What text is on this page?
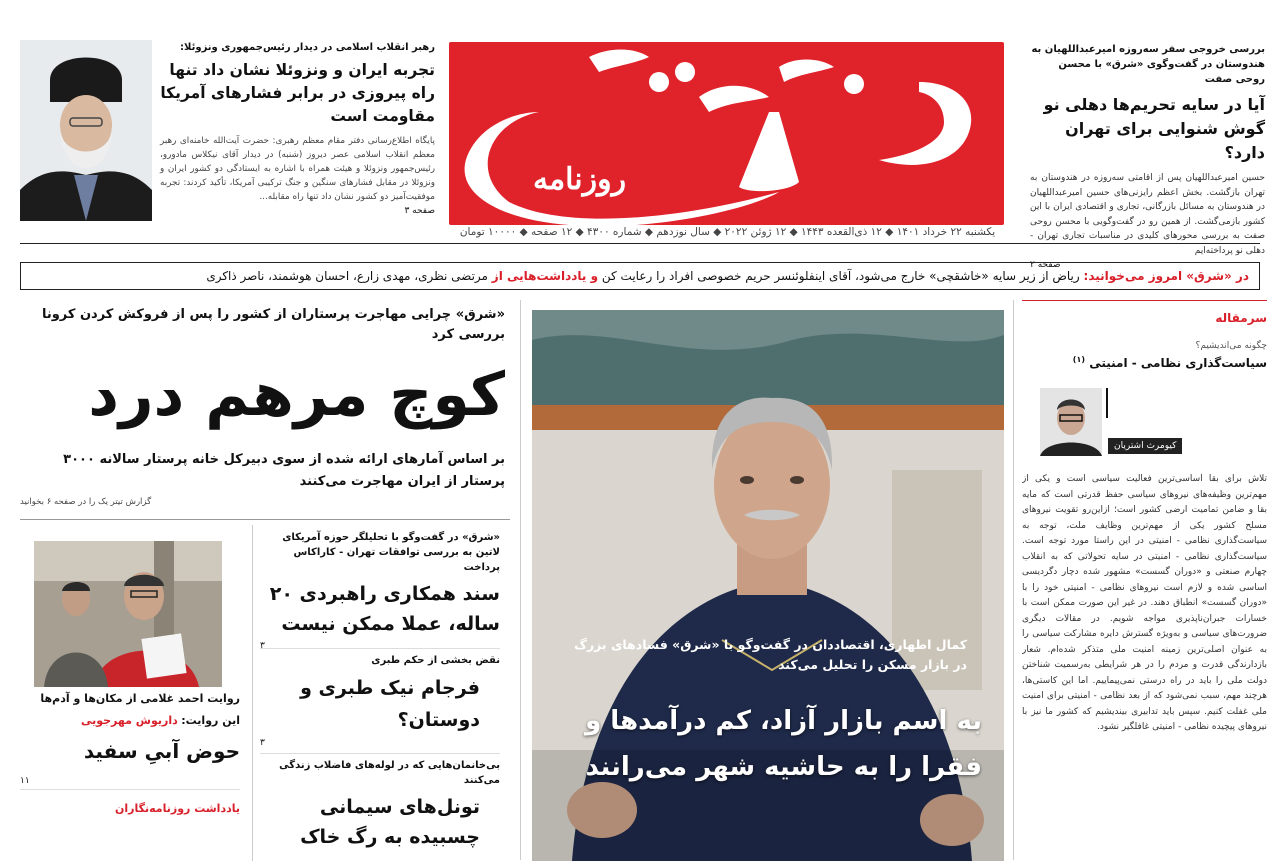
روزنامه
یکشنبه ۲۲ خرداد ۱۴۰۱ ◆ ۱۲ ذی‌القعده ۱۴۴۳ ◆ ۱۲ ژوئن ۲۰۲۲ ◆ سال نوزدهم ◆ شماره ۴۳۰۰ ◆ ۱۲ صفحه ◆ ۱۰۰۰۰ تومان
بررسی خروجی سفر سه‌روزه امیرعبداللهیان به هندوستان در گفت‌وگوی «شرق» با محسن روحی صفت
آیا در سایه تحریم‌ها دهلی نو گوش شنوایی برای تهران دارد؟
حسین امیرعبداللهیان پس از اقامتی سه‌روزه در هندوستان به تهران بازگشت. بخش اعظم رایزنی‌های حسین امیرعبداللهیان در هندوستان به مسائل بازرگانی، تجاری و اقتصادی ایران با این کشور بازمی‌گشت. از همین رو در گفت‌وگویی با محسن روحی صفت به بررسی محورهای کلیدی در مناسبات تجاری تهران - دهلی نو پرداخته‌ایم
صفحه ۲
رهبر انقلاب اسلامی در دیدار رئیس‌جمهوری ونزوئلا:
تجربه ایران و ونزوئلا نشان داد تنها راه پیروزی در برابر فشارهای آمریکا مقاومت است
پایگاه اطلاع‌رسانی دفتر مقام معظم رهبری: حضرت آیت‌الله خامنه‌ای رهبر معظم انقلاب اسلامی عصر دیروز (شنبه) در دیدار آقای نیکلاس مادورو، رئیس‌جمهور ونزوئلا و هیئت همراه با اشاره به ایستادگی دو کشور ایران و ونزوئلا در مقابل فشارهای سنگین و جنگ ترکیبی آمریکا، تأکید کردند: تجربه موفقیت‌آمیز دو کشور نشان داد تنها راه مقابله...
صفحه ۳
در «شرق» امروز می‌خوانید: ریاض از زیر سایه «خاشقچی» خارج می‌شود، آقای اینفلوئنسر حریم خصوصی افراد را رعایت کن و یادداشت‌هایی از مرتضی نظری، مهدی زارع، احسان هوشمند، ناصر ذاکری
سرمقاله
چگونه می‌اندیشیم؟
سیاست‌گذاری نظامی - امنیتی $^{(۱)}$
کیومرث اشتریان
تلاش برای بقا اساسی‌ترین فعالیت سیاسی است و یکی از مهم‌ترین وظیفه‌های نیروهای سیاسی حفظ قدرتی است که مایه بقا و ضامن تمامیت ارضی کشور است؛ ازاین‌رو تقویت نیروهای مسلح کشور یکی از مهم‌ترین وظایف ملت، توجه به سیاست‌گذاری نظامی - امنیتی در این راستا مورد توجه است. سیاست‌گذاری نظامی - امنیتی در سایه تحولاتی که به انقلاب چهارم صنعتی و «دوران گسست» مشهور شده دچار دگردیسی اساسی شده و لازم است نیروهای نظامی - امنیتی خود را با «دوران گسست» انطباق دهند. در غیر این صورت ممکن است با خسارات جبران‌ناپذیری مواجه شویم. در مقالات دیگری ضرورت‌های سیاسی و به‌ویژه گسترش دایره مشارکت سیاسی را به عنوان اصلی‌ترین زمینه امنیت ملی متذکر شده‌ام. شعار بازدارندگی قدرت و مردم را در هر شرایطی به‌رسمیت شناختن دولت ملی را باید در راه درستی نمی‌پیماییم. اما این کاستی‌ها، هرچند مهم، سبب نمی‌شود که از بعد نظامی - امنیتی برای امنیت ملی غفلت کنیم. سپس باید تدابیری بیندیشیم که کشور ما نیز با نیروهای پیچیده نظامی - امنیتی غافلگیر نشود.
کمال اطهاری، اقتصاددان در گفت‌وگو با «شرق» فسادهای بزرگ در بازار مسکن را تحلیل می‌کند
به اسم بازار آزاد، کم درآمدها و فقرا را به حاشیه شهر می‌رانند
«شرق» چرایی مهاجرت پرستاران از کشور را پس از فروکش کردن کرونا بررسی کرد
کوچ مرهم درد
بر اساس آمارهای ارائه شده از سوی دبیرکل خانه پرستار سالانه ۳۰۰۰ پرستار از ایران مهاجرت می‌کنند
گزارش تیتر یک را در صفحه ۶ بخوانید
«شرق» در گفت‌وگو با تحلیلگر حوزه آمریکای لاتین به بررسی توافقات تهران - کاراکاس پرداخت
سند همکاری راهبردی ۲۰ ساله، عملا ممکن نیست
۳
نقض بخشی از حکم طبری
فرجام نیک طبری و دوستان؟
۳
بی‌خانمان‌هایی که در لوله‌های فاضلاب زندگی می‌کنند
تونل‌های سیمانی چسبیده به رگ خاک
روایت احمد غلامی از مکان‌ها و آدم‌ها
این روایت: داریوش مهرجویی
حوض آبیِ سفید
۱۱
یادداشت روزنامه‌نگاران
